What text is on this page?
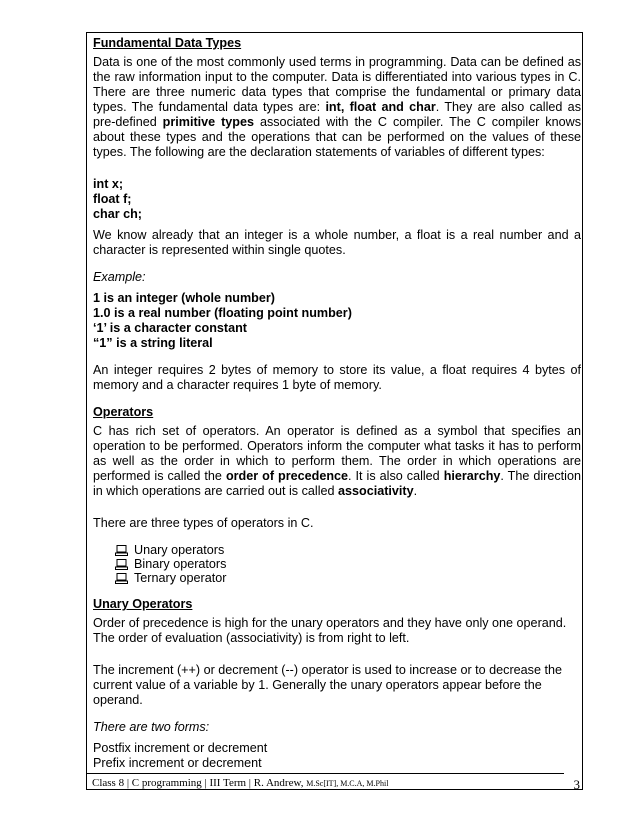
Fundamental Data Types

Data is one of the most commonly used terms in programming. Data can be defined as the raw information input to the computer. Data is differentiated into various types in C. There are three numeric data types that comprise the fundamental or primary data types. The fundamental data types are: int, float and char. They are also called as pre-defined primitive types associated with the C compiler. The C compiler knows about these types and the operations that can be performed on the values of these types. The following are the declaration statements of variables of different types:

int x;
float f;
char ch;

We know already that an integer is a whole number, a float is a real number and a character is represented within single quotes.

Example:
1 is an integer (whole number)
1.0 is a real number (floating point number)
‘1’ is a character constant
“1” is a string literal

An integer requires 2 bytes of memory to store its value, a float requires 4 bytes of memory and a character requires 1 byte of memory.

Operators

C has rich set of operators. An operator is defined as a symbol that specifies an operation to be performed. Operators inform the computer what tasks it has to perform as well as the order in which to perform them. The order in which operations are performed is called the order of precedence. It is also called hierarchy. The direction in which operations are carried out is called associativity.

There are three types of operators in C.

Unary operators
Binary operators
Ternary operator
Unary Operators

Order of precedence is high for the unary operators and they have only one operand. The order of evaluation (associativity) is from right to left.

The increment (++) or decrement (--) operator is used to increase or to decrease the current value of a variable by 1. Generally the unary operators appear before the operand.

There are two forms:
Postfix increment or decrement
Prefix increment or decrement
Class 8 | C programming | III Term | R. Andrew, M.Sc[IT], M.C.A, M.Phil	3
